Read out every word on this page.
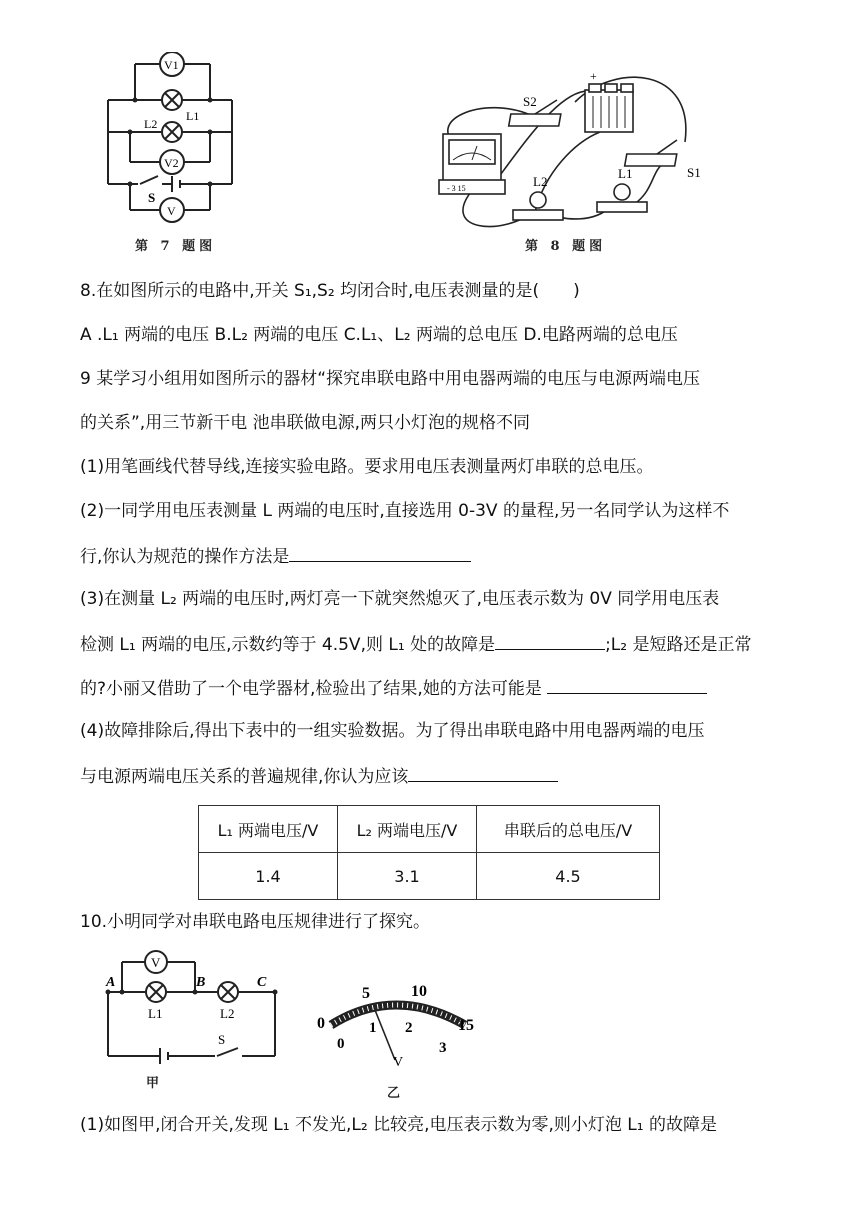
V1
L1
L2
V2
S
V
第 7 题图
- 3 15
+
S2
L2
L1	S1
第 8 题图
8.在如图所示的电路中,开关 S₁,S₂ 均闭合时,电压表测量的是(　　)
A .L₁ 两端的电压 B.L₂ 两端的电压 C.L₁、L₂ 两端的总电压 D.电路两端的总电压
9 某学习小组用如图所示的器材“探究串联电路中用电器两端的电压与电源两端电压
的关系”,用三节新干电 池串联做电源,两只小灯泡的规格不同
(1)用笔画线代替导线,连接实验电路。要求用电压表测量两灯串联的总电压。
(2)一同学用电压表测量 L 两端的电压时,直接选用 0-3V 的量程,另一名同学认为这样不
行,你认为规范的操作方法是
(3)在测量 L₂ 两端的电压时,两灯亮一下就突然熄灭了,电压表示数为 0V 同学用电压表
检测 L₁ 两端的电压,示数约等于 4.5V,则 L₁ 处的故障是	;L₂ 是短路还是正常
的?小丽又借助了一个电学器材,检验出了结果,她的方法可能是
(4)故障排除后,得出下表中的一组实验数据。为了得出串联电路中用电器两端的电压
与电源两端电压关系的普遍规律,你认为应该
L₁ 两端电压/V	L₂ 两端电压/V	串联后的总电压/V
1.4	3.1	4.5
10.小明同学对串联电路电压规律进行了探究。
V
A	B	C
L1	L2
S
甲
0
5	10
15
0
1 2
3
V
乙
(1)如图甲,闭合开关,发现 L₁ 不发光,L₂ 比较亮,电压表示数为零,则小灯泡 L₁ 的故障是
